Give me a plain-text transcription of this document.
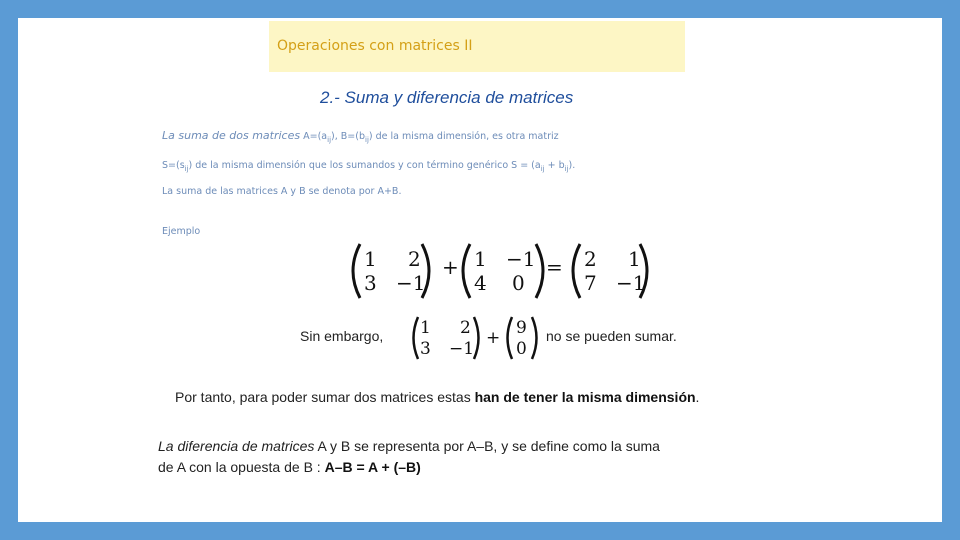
Operaciones con matrices II
2.- Suma y diferencia de matrices
La suma de dos matrices $A=(a_{ij})$, $B=(b_{ij})$ de la misma dimensión, es otra matriz
$S=(s_{ij})$ de la misma dimensión que los sumandos y con término genérico $S = (a_{ij} + b_{ij})$.
La suma de las matrices A y B se denota por A+B.
Ejemplo
1 2
3 −1
+ 1 −1
4 0
= 2 1
7 −1
Sin embargo, 1 2
3 −1
+ 9
0
no se pueden sumar.
Por tanto, para poder sumar dos matrices estas han de tener la misma dimensión.
La diferencia de matrices A y B se representa por A–B, y se define como la suma
de A con la opuesta de B : A–B = A + (–B)
